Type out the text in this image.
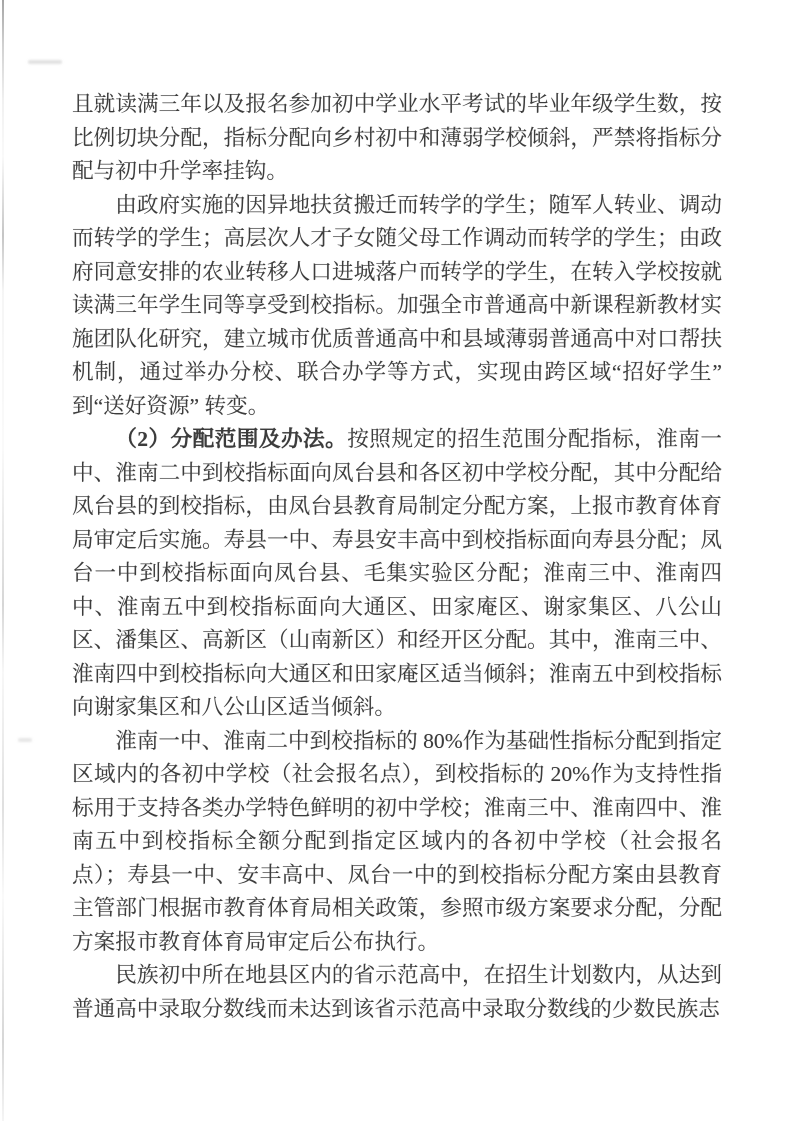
且就读满三年以及报名参加初中学业水平考试的毕业年级学生数，按比例切块分配，指标分配向乡村初中和薄弱学校倾斜，严禁将指标分配与初中升学率挂钩。

由政府实施的因异地扶贫搬迁而转学的学生；随军人转业、调动而转学的学生；高层次人才子女随父母工作调动而转学的学生；由政府同意安排的农业转移人口进城落户而转学的学生，在转入学校按就读满三年学生同等享受到校指标。加强全市普通高中新课程新教材实施团队化研究，建立城市优质普通高中和县域薄弱普通高中对口帮扶机制，通过举办分校、联合办学等方式，实现由跨区域“招好学生” 到“送好资源” 转变。

（2）分配范围及办法。按照规定的招生范围分配指标，淮南一中、淮南二中到校指标面向凤台县和各区初中学校分配，其中分配给凤台县的到校指标，由凤台县教育局制定分配方案，上报市教育体育局审定后实施。寿县一中、寿县安丰高中到校指标面向寿县分配；凤台一中到校指标面向凤台县、毛集实验区分配；淮南三中、淮南四中、淮南五中到校指标面向大通区、田家庵区、谢家集区、八公山区、潘集区、高新区（山南新区）和经开区分配。其中，淮南三中、淮南四中到校指标向大通区和田家庵区适当倾斜；淮南五中到校指标向谢家集区和八公山区适当倾斜。

淮南一中、淮南二中到校指标的 80%作为基础性指标分配到指定区域内的各初中学校（社会报名点），到校指标的 20%作为支持性指标用于支持各类办学特色鲜明的初中学校；淮南三中、淮南四中、淮南五中到校指标全额分配到指定区域内的各初中学校（社会报名点）；寿县一中、安丰高中、凤台一中的到校指标分配方案由县教育主管部门根据市教育体育局相关政策，参照市级方案要求分配，分配方案报市教育体育局审定后公布执行。

民族初中所在地县区内的省示范高中，在招生计划数内，从达到普通高中录取分数线而未达到该省示范高中录取分数线的少数民族志
